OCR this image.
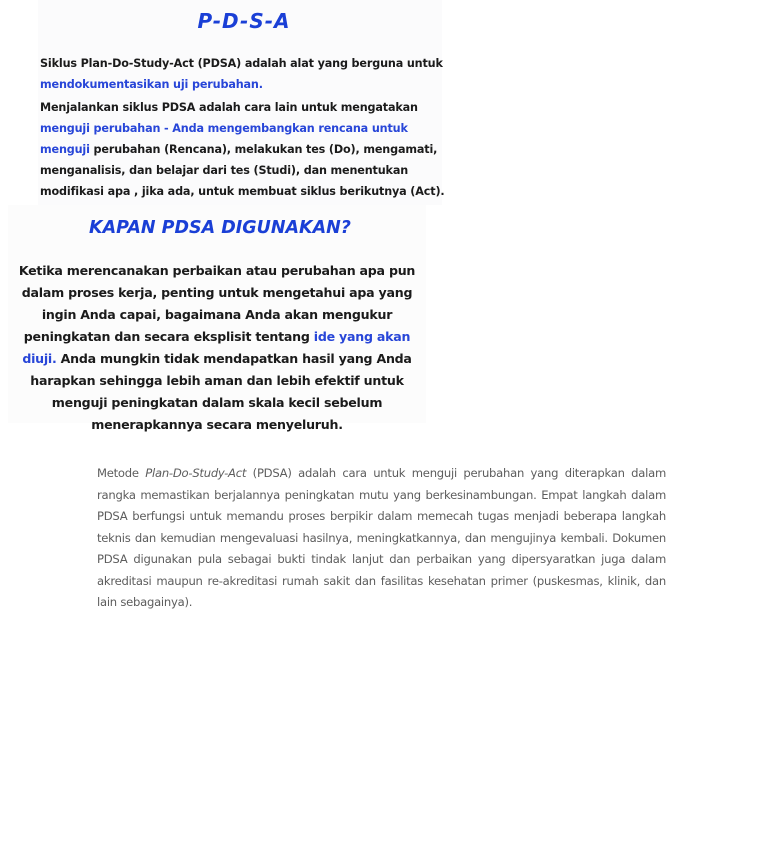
P-D-S-A

Siklus Plan-Do-Study-Act (PDSA) adalah alat yang berguna untuk mendokumentasikan uji perubahan.

Menjalankan siklus PDSA adalah cara lain untuk mengatakan menguji perubahan - Anda mengembangkan rencana untuk menguji perubahan (Rencana), melakukan tes (Do), mengamati, menganalisis, dan belajar dari tes (Studi), dan menentukan modifikasi apa , jika ada, untuk membuat siklus berikutnya (Act).

KAPAN PDSA DIGUNAKAN?

Ketika merencanakan perbaikan atau perubahan apa pun dalam proses kerja, penting untuk mengetahui apa yang ingin Anda capai, bagaimana Anda akan mengukur peningkatan dan secara eksplisit tentang ide yang akan diuji. Anda mungkin tidak mendapatkan hasil yang Anda harapkan sehingga lebih aman dan lebih efektif untuk menguji peningkatan dalam skala kecil sebelum menerapkannya secara menyeluruh.

Metode Plan-Do-Study-Act (PDSA) adalah cara untuk menguji perubahan yang diterapkan dalam rangka memastikan berjalannya peningkatan mutu yang berkesinambungan. Empat langkah dalam PDSA berfungsi untuk memandu proses berpikir dalam memecah tugas menjadi beberapa langkah teknis dan kemudian mengevaluasi hasilnya, meningkatkannya, dan mengujinya kembali. Dokumen PDSA digunakan pula sebagai bukti tindak lanjut dan perbaikan yang dipersyaratkan juga dalam akreditasi maupun re-akreditasi rumah sakit dan fasilitas kesehatan primer (puskesmas, klinik, dan lain sebagainya).
